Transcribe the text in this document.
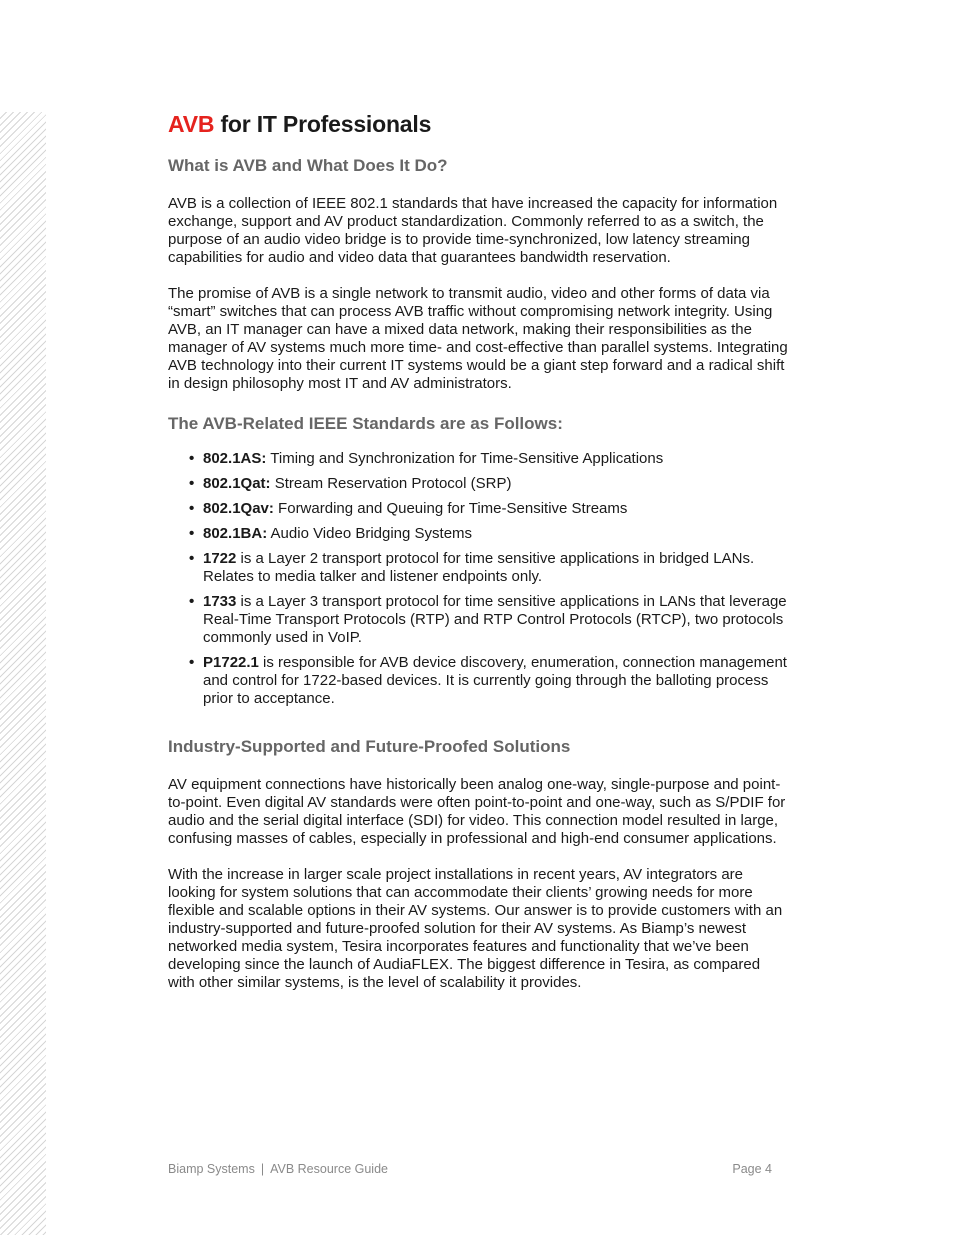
AVB for IT Professionals
What is AVB and What Does It Do?

AVB is a collection of IEEE 802.1 standards that have increased the capacity for information exchange, support and AV product standardization. Commonly referred to as a switch, the purpose of an audio video bridge is to provide time-synchronized, low latency streaming capabilities for audio and video data that guarantees bandwidth reservation.

The promise of AVB is a single network to transmit audio, video and other forms of data via “smart” switches that can process AVB traffic without compromising network integrity. Using AVB, an IT manager can have a mixed data network, making their responsibilities as the manager of AV systems much more time- and cost-effective than parallel systems. Integrating AVB technology into their current IT systems would be a giant step forward and a radical shift in design philosophy most IT and AV administrators.

The AVB-Related IEEE Standards are as Follows:
• 802.1AS: Timing and Synchronization for Time-Sensitive Applications
• 802.1Qat: Stream Reservation Protocol (SRP)
• 802.1Qav: Forwarding and Queuing for Time-Sensitive Streams
• 802.1BA: Audio Video Bridging Systems
• 1722 is a Layer 2 transport protocol for time sensitive applications in bridged LANs. Relates to media talker and listener endpoints only.
• 1733 is a Layer 3 transport protocol for time sensitive applications in LANs that leverage Real-Time Transport Protocols (RTP) and RTP Control Protocols (RTCP), two protocols commonly used in VoIP.
• P1722.1 is responsible for AVB device discovery, enumeration, connection management and control for 1722-based devices. It is currently going through the balloting process prior to acceptance.
Industry-Supported and Future-Proofed Solutions

AV equipment connections have historically been analog one-way, single-purpose and point-to-point. Even digital AV standards were often point-to-point and one-way, such as S/PDIF for audio and the serial digital interface (SDI) for video. This connection model resulted in large, confusing masses of cables, especially in professional and high-end consumer applications.

With the increase in larger scale project installations in recent years, AV integrators are looking for system solutions that can accommodate their clients’ growing needs for more flexible and scalable options in their AV systems. Our answer is to provide customers with an industry-supported and future-proofed solution for their AV systems. As Biamp’s newest networked media system, Tesira incorporates features and functionality that we’ve been developing since the launch of AudiaFLEX. The biggest difference in Tesira, as compared with other similar systems, is the level of scalability it provides.

Biamp Systems | AVB Resource Guide	Page 4
